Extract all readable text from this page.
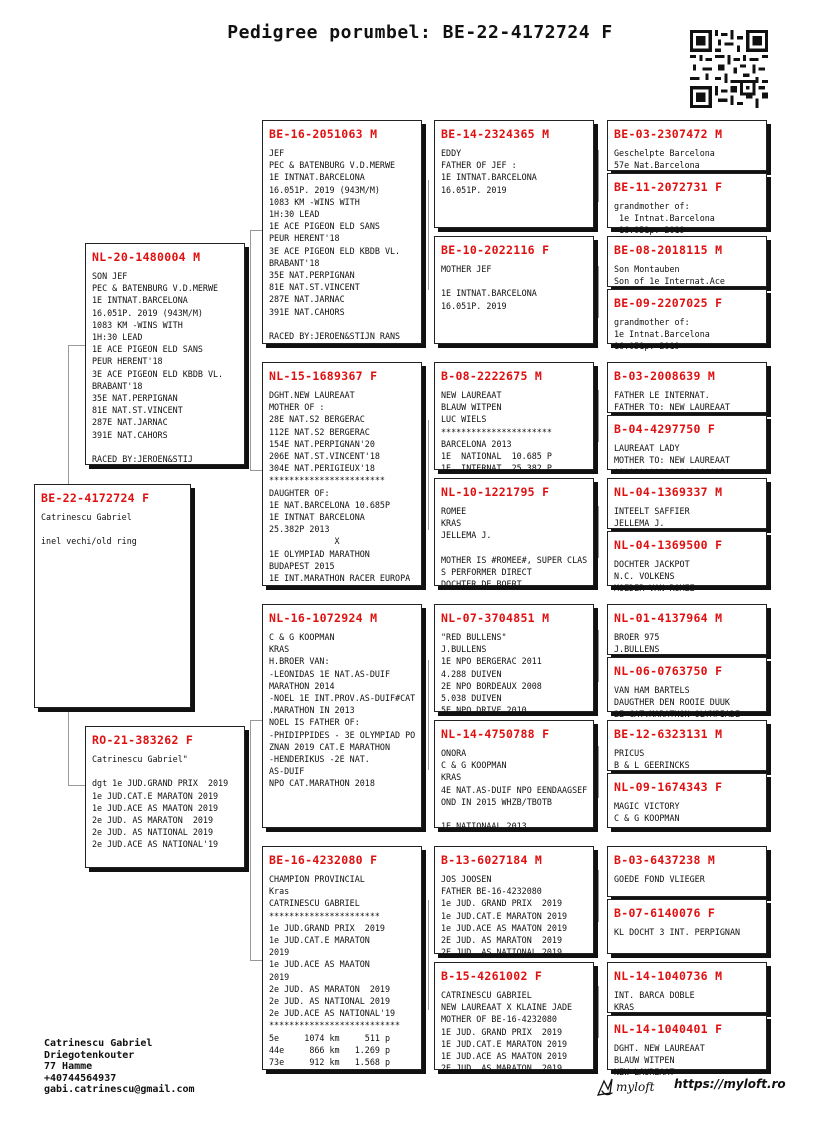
Pedigree porumbel: BE-22-4172724 F
BE-22-4172724 F
Catrinescu Gabriel

inel vechi/old ring
NL-20-1480004 M
SON JEF
PEC & BATENBURG V.D.MERWE
1E INTNAT.BARCELONA
16.051P. 2019 (943M/M)
1083 KM -WINS WITH
1H:30 LEAD
1E ACE PIGEON ELD SANS
PEUR HERENT'18
3E ACE PIGEON ELD KBDB VL.
BRABANT'18
35E NAT.PERPIGNAN
81E NAT.ST.VINCENT
287E NAT.JARNAC
391E NAT.CAHORS

RACED BY:JEROEN&STIJ
RO-21-383262 F
Catrinescu Gabriel"

dgt 1e JUD.GRAND PRIX  2019
1e JUD.CAT.E MARATON 2019
1e JUD.ACE AS MAATON 2019
2e JUD. AS MARATON  2019
2e JUD. AS NATIONAL 2019
2e JUD.ACE AS NATIONAL'19
BE-16-2051063 M
JEF
PEC & BATENBURG V.D.MERWE
1E INTNAT.BARCELONA
16.051P. 2019 (943M/M)
1083 KM -WINS WITH
1H:30 LEAD
1E ACE PIGEON ELD SANS
PEUR HERENT'18
3E ACE PIGEON ELD KBDB VL.
BRABANT'18
35E NAT.PERPIGNAN
81E NAT.ST.VINCENT
287E NAT.JARNAC
391E NAT.CAHORS

RACED BY:JEROEN&STIJN RANS
NL-15-1689367 F
DGHT.NEW LAUREAAT
MOTHER OF :
28E NAT.S2 BERGERAC
112E NAT.S2 BERGERAC
154E NAT.PERPIGNAN'20
206E NAT.ST.VINCENT'18
304E NAT.PERIGIEUX'18
***********************
DAUGHTER OF:
1E NAT.BARCELONA 10.685P
1E INTNAT BARCELONA
25.382P 2013
X
1E OLYMPIAD MARATHON
BUDAPEST 2015
1E INT.MARATHON RACER EUROPA
NL-16-1072924 M
C & G KOOPMAN
KRAS
H.BROER VAN:
-LEONIDAS 1E NAT.AS-DUIF
MARATHON 2014
-NOEL 1E INT.PROV.AS-DUIF#CAT
.MARATHON IN 2013
NOEL IS FATHER OF:
-PHIDIPPIDES - 3E OLYMPIAD PO
ZNAN 2019 CAT.E MARATHON
-HENDERIKUS -2E NAT.
AS-DUIF
NPO CAT.MARATHON 2018
BE-16-4232080 F
CHAMPION PROVINCIAL
Kras
CATRINESCU GABRIEL
**********************
1e JUD.GRAND PRIX  2019
1e JUD.CAT.E MARATON
2019
1e JUD.ACE AS MAATON
2019
2e JUD. AS MARATON  2019
2e JUD. AS NATIONAL 2019
2e JUD.ACE AS NATIONAL'19
**************************
5e     1074 km     511 p
44e     866 km   1.269 p
73e     912 km   1.568 p
BE-14-2324365 M
EDDY
FATHER OF JEF :
1E INTNAT.BARCELONA
16.051P. 2019
BE-10-2022116 F
MOTHER JEF

1E INTNAT.BARCELONA
16.051P. 2019
B-08-2222675 M
NEW LAUREAAT
BLAUW WITPEN
LUC WIELS
**********************
BARCELONA 2013
1E  NATIONAL  10.685 P
1E  INTERNAT  25.382 P
NL-10-1221795 F
ROMEE
KRAS
JELLEMA J.

MOTHER IS #ROMEE#, SUPER CLAS
S PERFORMER DIRECT
DOCHTER DE BOERT
NL-07-3704851 M
"RED BULLENS"
J.BULLENS
1E NPO BERGERAC 2011
4.288 DUIVEN
2E NPO BORDEAUX 2008
5.038 DUIVEN
5E NPO DRIVE 2010
NL-14-4750788 F
ONORA
C & G KOOPMAN
KRAS
4E NAT.AS-DUIF NPO EENDAAGSEF
OND IN 2015 WHZB/TBOTB

1E NATIONAAL 2013
B-13-6027184 M
JOS JOOSEN
FATHER BE-16-4232080
1e JUD. GRAND PRIX  2019
1e JUD.CAT.E MARATON 2019
1e JUD.ACE AS MAATON 2019
2E JUD. AS MARATON  2019
2E JUD. AS NATIONAL 2019
B-15-4261002 F
CATRINESCU GABRIEL
NEW LAUREAAT X KLAINE JADE
MOTHER OF BE-16-4232080
1E JUD. GRAND PRIX  2019
1E JUD.CAT.E MARATON 2019
1E JUD.ACE AS MAATON 2019
2E JUD. AS MARATON  2019
BE-03-2307472 M
Geschelpte Barcelona
57e Nat.Barcelona
BE-11-2072731 F
grandmother of:
1e Intnat.Barcelona
16.051p. 2019
BE-08-2018115 M
Son Montauben
Son of 1e Internat.Ace
BE-09-2207025 F
grandmother of:
1e Intnat.Barcelona
16.051p. 2019
B-03-2008639 M
FATHER LE INTERNAT.
FATHER TO: NEW LAUREAAT

B-04-4297750 F
LAUREAAT LADY
MOTHER TO: NEW LAUREAAT
**********************
NL-04-1369337 M
INTEELT SAFFIER
JELLEMA J.

NL-04-1369500 F
DOCHTER JACKPOT
N.C. VOLKENS
MOEDER VAN ROMEE
NL-01-4137964 M
BROER 975
J.BULLENS

NL-06-0763750 F
VAN HAM BARTELS
DAUGTHER DEN ROOIE DUUK
2E CAT.MARATHON OLYMPIADE
BE-12-6323131 M
PRICUS
B & L GEERINCKS
NL-09-1674343 F
MAGIC VICTORY
C & G KOOPMAN
B-03-6437238 M
GOEDE FOND VLIEGER
B-07-6140076 F
KL DOCHT 3 INT. PERPIGNAN
NL-14-1040736 M
INT. BARCA DOBLE
KRAS

NL-14-1040401 F
DGHT. NEW LAUREAAT
BLAUW WITPEN
NEW LAUREAAT
Catrinescu Gabriel
Driegotenkouter
77 Hamme
+40744564937
gabi.catrinescu@gmail.com	myloft https://myloft.ro
